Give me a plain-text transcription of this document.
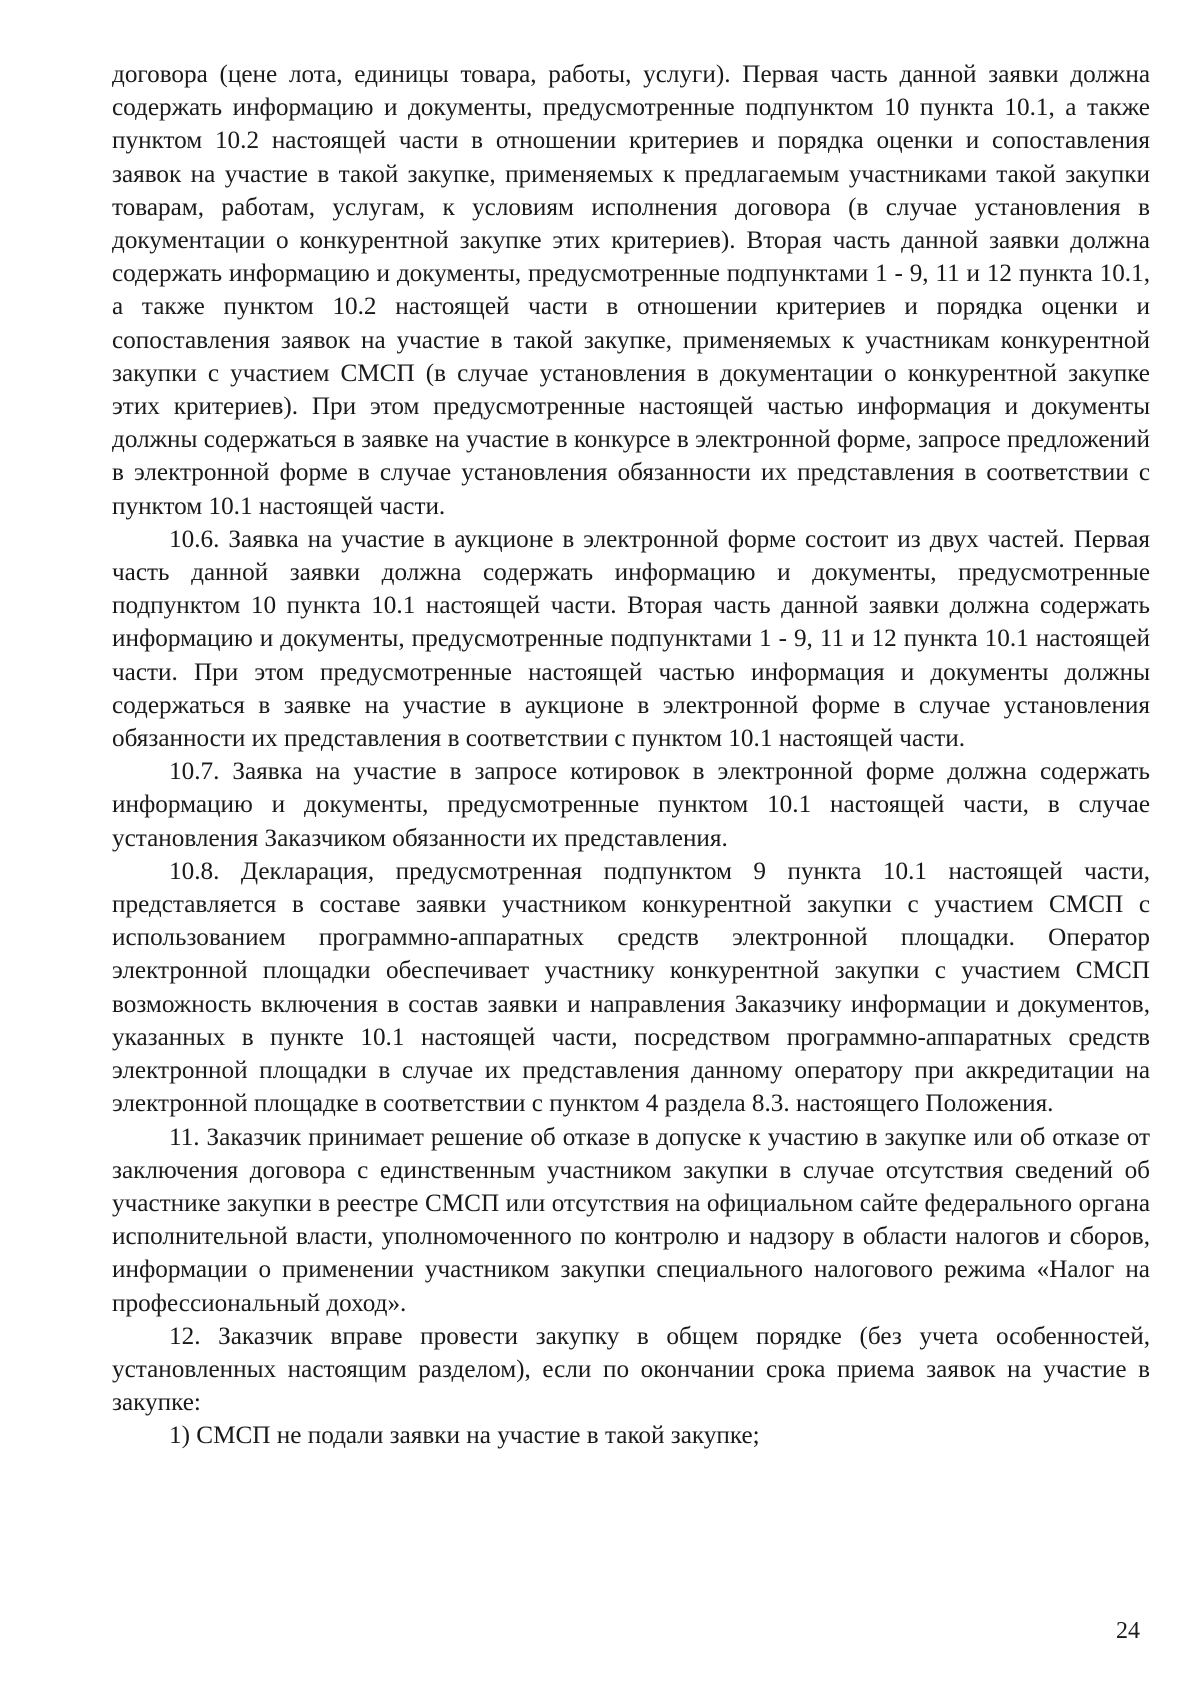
договора (цене лота, единицы товара, работы, услуги). Первая часть данной заявки должна содержать информацию и документы, предусмотренные подпунктом 10 пункта 10.1, а также пунктом 10.2 настоящей части в отношении критериев и порядка оценки и сопоставления заявок на участие в такой закупке, применяемых к предлагаемым участниками такой закупки товарам, работам, услугам, к условиям исполнения договора (в случае установления в документации о конкурентной закупке этих критериев). Вторая часть данной заявки должна содержать информацию и документы, предусмотренные подпунктами 1 - 9, 11 и 12 пункта 10.1, а также пунктом 10.2 настоящей части в отношении критериев и порядка оценки и сопоставления заявок на участие в такой закупке, применяемых к участникам конкурентной закупки с участием СМСП (в случае установления в документации о конкурентной закупке этих критериев). При этом предусмотренные настоящей частью информация и документы должны содержаться в заявке на участие в конкурсе в электронной форме, запросе предложений в электронной форме в случае установления обязанности их представления в соответствии с пунктом 10.1 настоящей части.

10.6. Заявка на участие в аукционе в электронной форме состоит из двух частей. Первая часть данной заявки должна содержать информацию и документы, предусмотренные подпунктом 10 пункта 10.1 настоящей части. Вторая часть данной заявки должна содержать информацию и документы, предусмотренные подпунктами 1 - 9, 11 и 12 пункта 10.1 настоящей части. При этом предусмотренные настоящей частью информация и документы должны содержаться в заявке на участие в аукционе в электронной форме в случае установления обязанности их представления в соответствии с пунктом 10.1 настоящей части.

10.7. Заявка на участие в запросе котировок в электронной форме должна содержать информацию и документы, предусмотренные пунктом 10.1 настоящей части, в случае установления Заказчиком обязанности их представления.

10.8. Декларация, предусмотренная подпунктом 9 пункта 10.1 настоящей части, представляется в составе заявки участником конкурентной закупки с участием СМСП с использованием программно-аппаратных средств электронной площадки. Оператор электронной площадки обеспечивает участнику конкурентной закупки с участием СМСП возможность включения в состав заявки и направления Заказчику информации и документов, указанных в пункте 10.1 настоящей части, посредством программно-аппаратных средств электронной площадки в случае их представления данному оператору при аккредитации на электронной площадке в соответствии с пунктом 4 раздела 8.3. настоящего Положения.

11. Заказчик принимает решение об отказе в допуске к участию в закупке или об отказе от заключения договора с единственным участником закупки в случае отсутствия сведений об участнике закупки в реестре СМСП или отсутствия на официальном сайте федерального органа исполнительной власти, уполномоченного по контролю и надзору в области налогов и сборов, информации о применении участником закупки специального налогового режима «Налог на профессиональный доход».

12. Заказчик вправе провести закупку в общем порядке (без учета особенностей, установленных настоящим разделом), если по окончании срока приема заявок на участие в закупке:

1) СМСП не подали заявки на участие в такой закупке;

24
